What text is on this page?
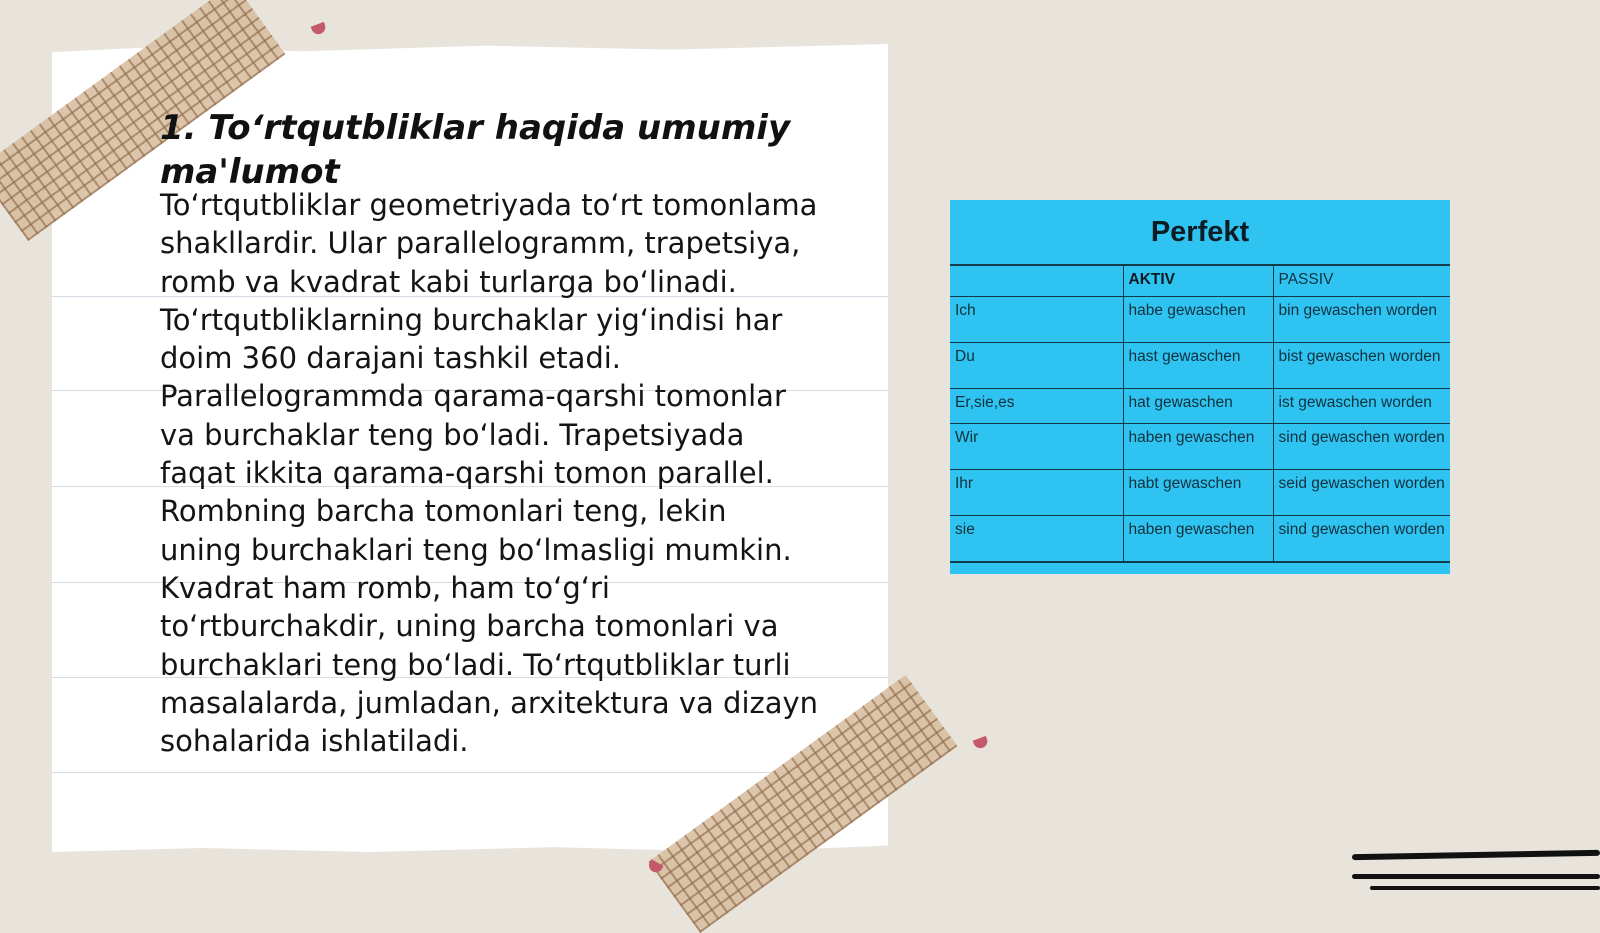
1. To‘rtqutbliklar haqida umumiy ma'lumot

To‘rtqutbliklar geometriyada to‘rt tomonlama
shakllardir. Ular parallelogramm, trapetsiya,
romb va kvadrat kabi turlarga bo‘linadi.
To‘rtqutbliklarning burchaklar yig‘indisi har
doim 360 darajani tashkil etadi.
Parallelogrammda qarama-qarshi tomonlar
va burchaklar teng bo‘ladi. Trapetsiyada
faqat ikkita qarama-qarshi tomon parallel.
Rombning barcha tomonlari teng, lekin
uning burchaklari teng bo‘lmasligi mumkin.
Kvadrat ham romb, ham to‘g‘ri
to‘rtburchakdir, uning barcha tomonlari va
burchaklari teng bo‘ladi. To‘rtqutbliklar turli
masalalarda, jumladan, arxitektura va dizayn
sohalarida ishlatiladi.

Perfekt
	AKTIV	PASSIV
Ich	habe gewaschen	bin gewaschen worden
Du	hast gewaschen	bist gewaschen worden
Er,sie,es	hat gewaschen	ist gewaschen worden
Wir	haben gewaschen	sind gewaschen worden
Ihr	habt gewaschen	seid gewaschen worden
sie	haben gewaschen	sind gewaschen worden
